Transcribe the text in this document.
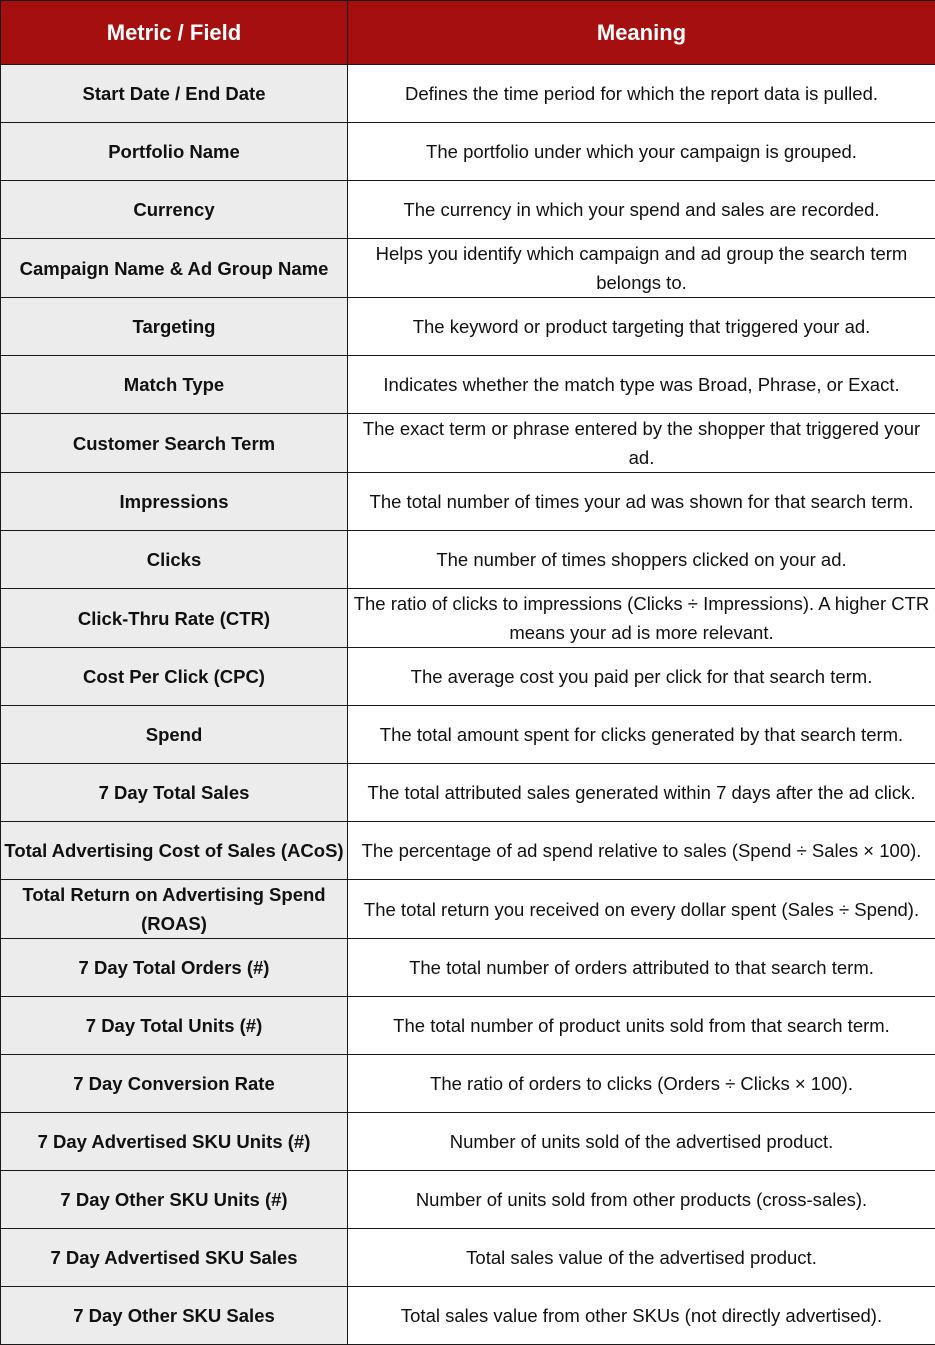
Metric / Field	Meaning
Start Date / End Date	Defines the time period for which the report data is pulled.
Portfolio Name	The portfolio under which your campaign is grouped.
Currency	The currency in which your spend and sales are recorded.
Campaign Name & Ad Group Name	Helps you identify which campaign and ad group the search term belongs to.
Targeting	The keyword or product targeting that triggered your ad.
Match Type	Indicates whether the match type was Broad, Phrase, or Exact.
Customer Search Term	The exact term or phrase entered by the shopper that triggered your ad.
Impressions	The total number of times your ad was shown for that search term.
Clicks	The number of times shoppers clicked on your ad.
Click-Thru Rate (CTR)	The ratio of clicks to impressions (Clicks ÷ Impressions). A higher CTR means your ad is more relevant.
Cost Per Click (CPC)	The average cost you paid per click for that search term.
Spend	The total amount spent for clicks generated by that search term.
7 Day Total Sales	The total attributed sales generated within 7 days after the ad click.
Total Advertising Cost of Sales (ACoS)	The percentage of ad spend relative to sales (Spend ÷ Sales × 100).
Total Return on Advertising Spend (ROAS)	The total return you received on every dollar spent (Sales ÷ Spend).
7 Day Total Orders (#)	The total number of orders attributed to that search term.
7 Day Total Units (#)	The total number of product units sold from that search term.
7 Day Conversion Rate	The ratio of orders to clicks (Orders ÷ Clicks × 100).
7 Day Advertised SKU Units (#)	Number of units sold of the advertised product.
7 Day Other SKU Units (#)	Number of units sold from other products (cross-sales).
7 Day Advertised SKU Sales	Total sales value of the advertised product.
7 Day Other SKU Sales	Total sales value from other SKUs (not directly advertised).
